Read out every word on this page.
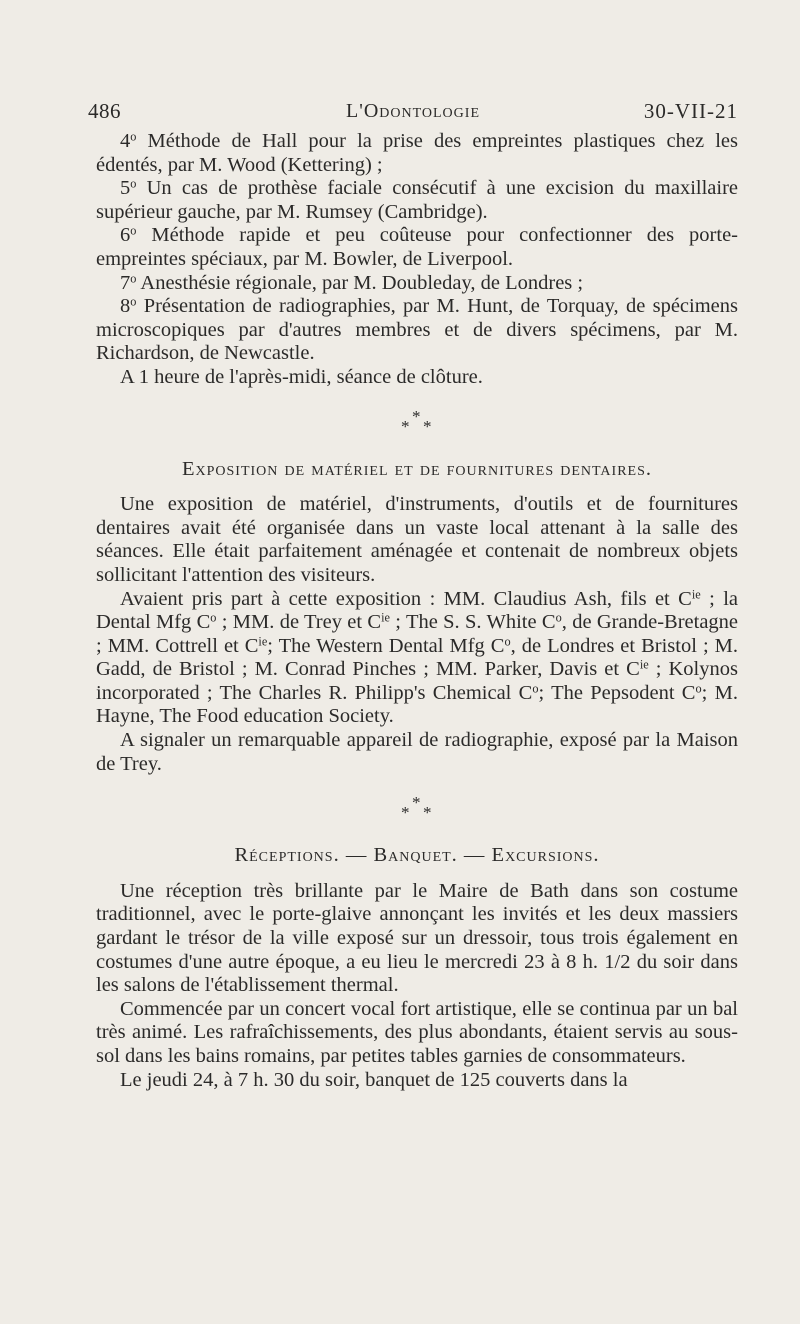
486	L'Odontologie	30-VII-21

4$^o$ Méthode de Hall pour la prise des empreintes plastiques chez les édentés, par M. Wood (Kettering) ;

5$^o$ Un cas de prothèse faciale consécutif à une excision du maxillaire supérieur gauche, par M. Rumsey (Cambridge).

6$^o$ Méthode rapide et peu coûteuse pour confectionner des porte-empreintes spéciaux, par M. Bowler, de Liverpool.

7$^o$ Anesthésie régionale, par M. Doubleday, de Londres ;

8$^o$ Présentation de radiographies, par M. Hunt, de Torquay, de spécimens microscopiques par d'autres membres et de divers spécimens, par M. Richardson, de Newcastle.

A 1 heure de l'après-midi, séance de clôture.

*
* *
Exposition de matériel et de fournitures dentaires.

Une exposition de matériel, d'instruments, d'outils et de fournitures dentaires avait été organisée dans un vaste local attenant à la salle des séances. Elle était parfaitement aménagée et contenait de nombreux objets sollicitant l'attention des visiteurs.

Avaient pris part à cette exposition : MM. Claudius Ash, fils et $C^{ie}$ ; la Dental Mfg $C^o$ ; MM. de Trey et $C^{ie}$ ; The S. S. White $C^o$, de Grande-Bretagne ; MM. Cottrell et $C^{ie}$; The Western Dental Mfg $C^o$, de Londres et Bristol ; M. Gadd, de Bristol ; M. Conrad Pinches ; MM. Parker, Davis et $C^{ie}$ ; Kolynos incorporated ; The Charles R. Philipp's Chemical $C^o$; The Pepsodent $C^o$; M. Hayne, The Food education Society.

A signaler un remarquable appareil de radiographie, exposé par la Maison de Trey.

*
* *
Réceptions. — Banquet. — Excursions.

Une réception très brillante par le Maire de Bath dans son costume traditionnel, avec le porte-glaive annonçant les invités et les deux massiers gardant le trésor de la ville exposé sur un dressoir, tous trois également en costumes d'une autre époque, a eu lieu le mercredi 23 à 8 h. 1/2 du soir dans les salons de l'établissement thermal.

Commencée par un concert vocal fort artistique, elle se continua par un bal très animé. Les rafraîchissements, des plus abondants, étaient servis au sous-sol dans les bains romains, par petites tables garnies de consommateurs.

Le jeudi 24, à 7 h. 30 du soir, banquet de 125 couverts dans la
